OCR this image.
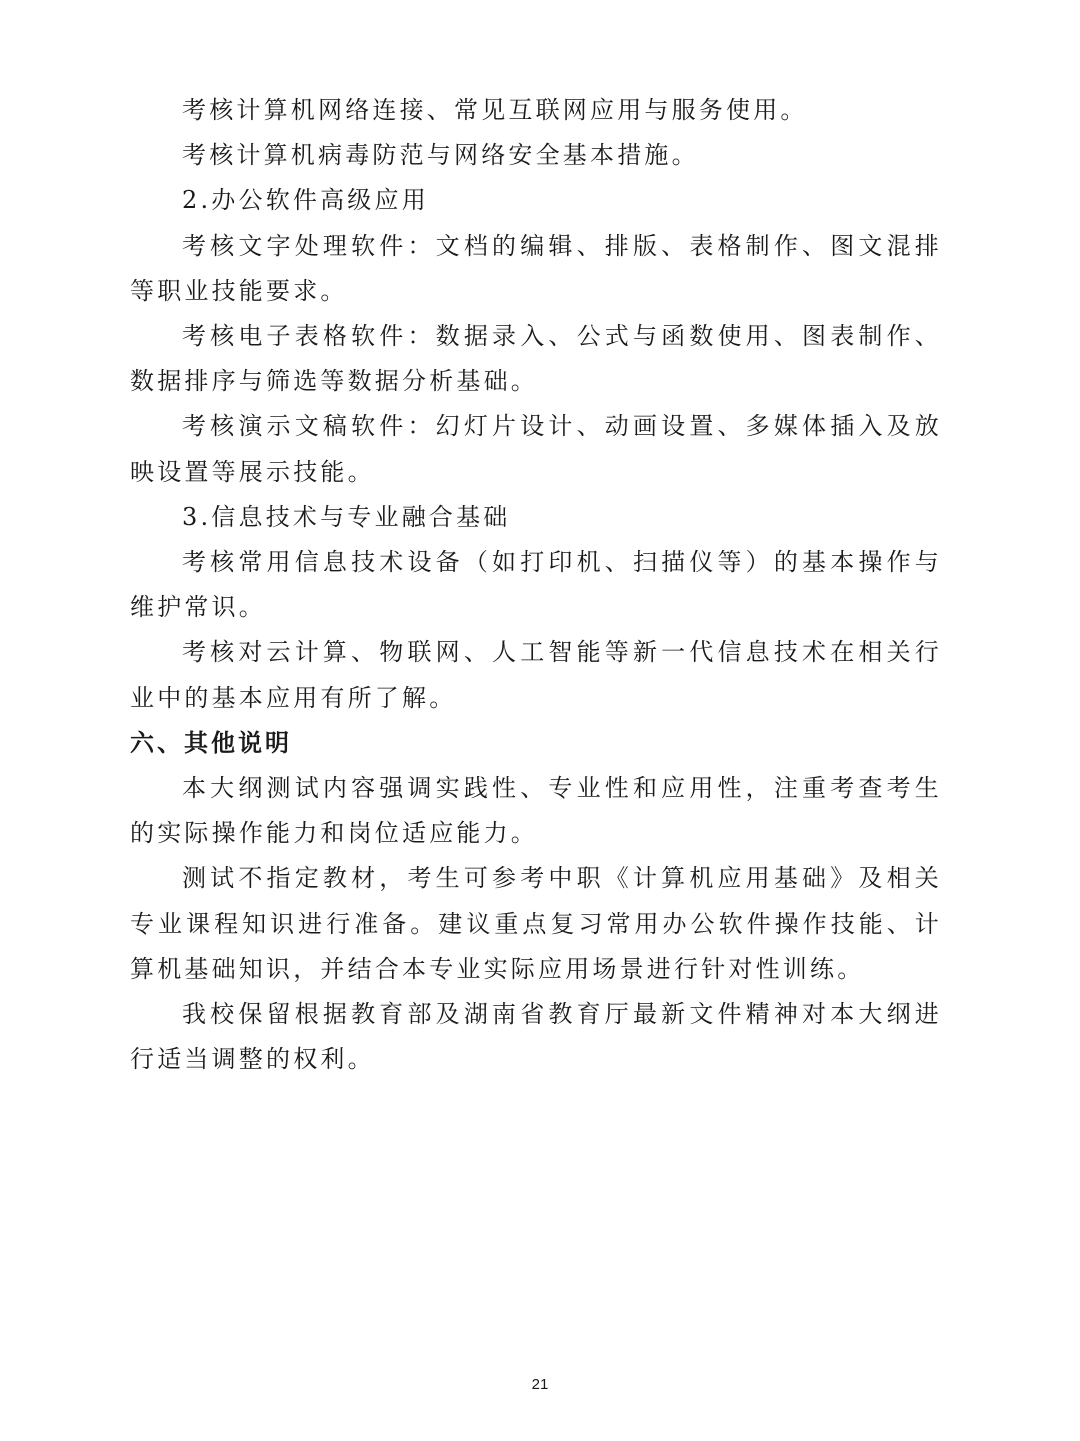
考核计算机网络连接、常见互联网应用与服务使用。

考核计算机病毒防范与网络安全基本措施。

2.办公软件高级应用

考核文字处理软件：文档的编辑、排版、表格制作、图文混排等职业技能要求。

考核电子表格软件：数据录入、公式与函数使用、图表制作、数据排序与筛选等数据分析基础。

考核演示文稿软件：幻灯片设计、动画设置、多媒体插入及放映设置等展示技能。

3.信息技术与专业融合基础

考核常用信息技术设备（如打印机、扫描仪等）的基本操作与维护常识。

考核对云计算、物联网、人工智能等新一代信息技术在相关行业中的基本应用有所了解。

六、其他说明

本大纲测试内容强调实践性、专业性和应用性，注重考查考生的实际操作能力和岗位适应能力。

测试不指定教材，考生可参考中职《计算机应用基础》及相关专业课程知识进行准备。建议重点复习常用办公软件操作技能、计算机基础知识，并结合本专业实际应用场景进行针对性训练。

我校保留根据教育部及湖南省教育厅最新文件精神对本大纲进行适当调整的权利。

21
